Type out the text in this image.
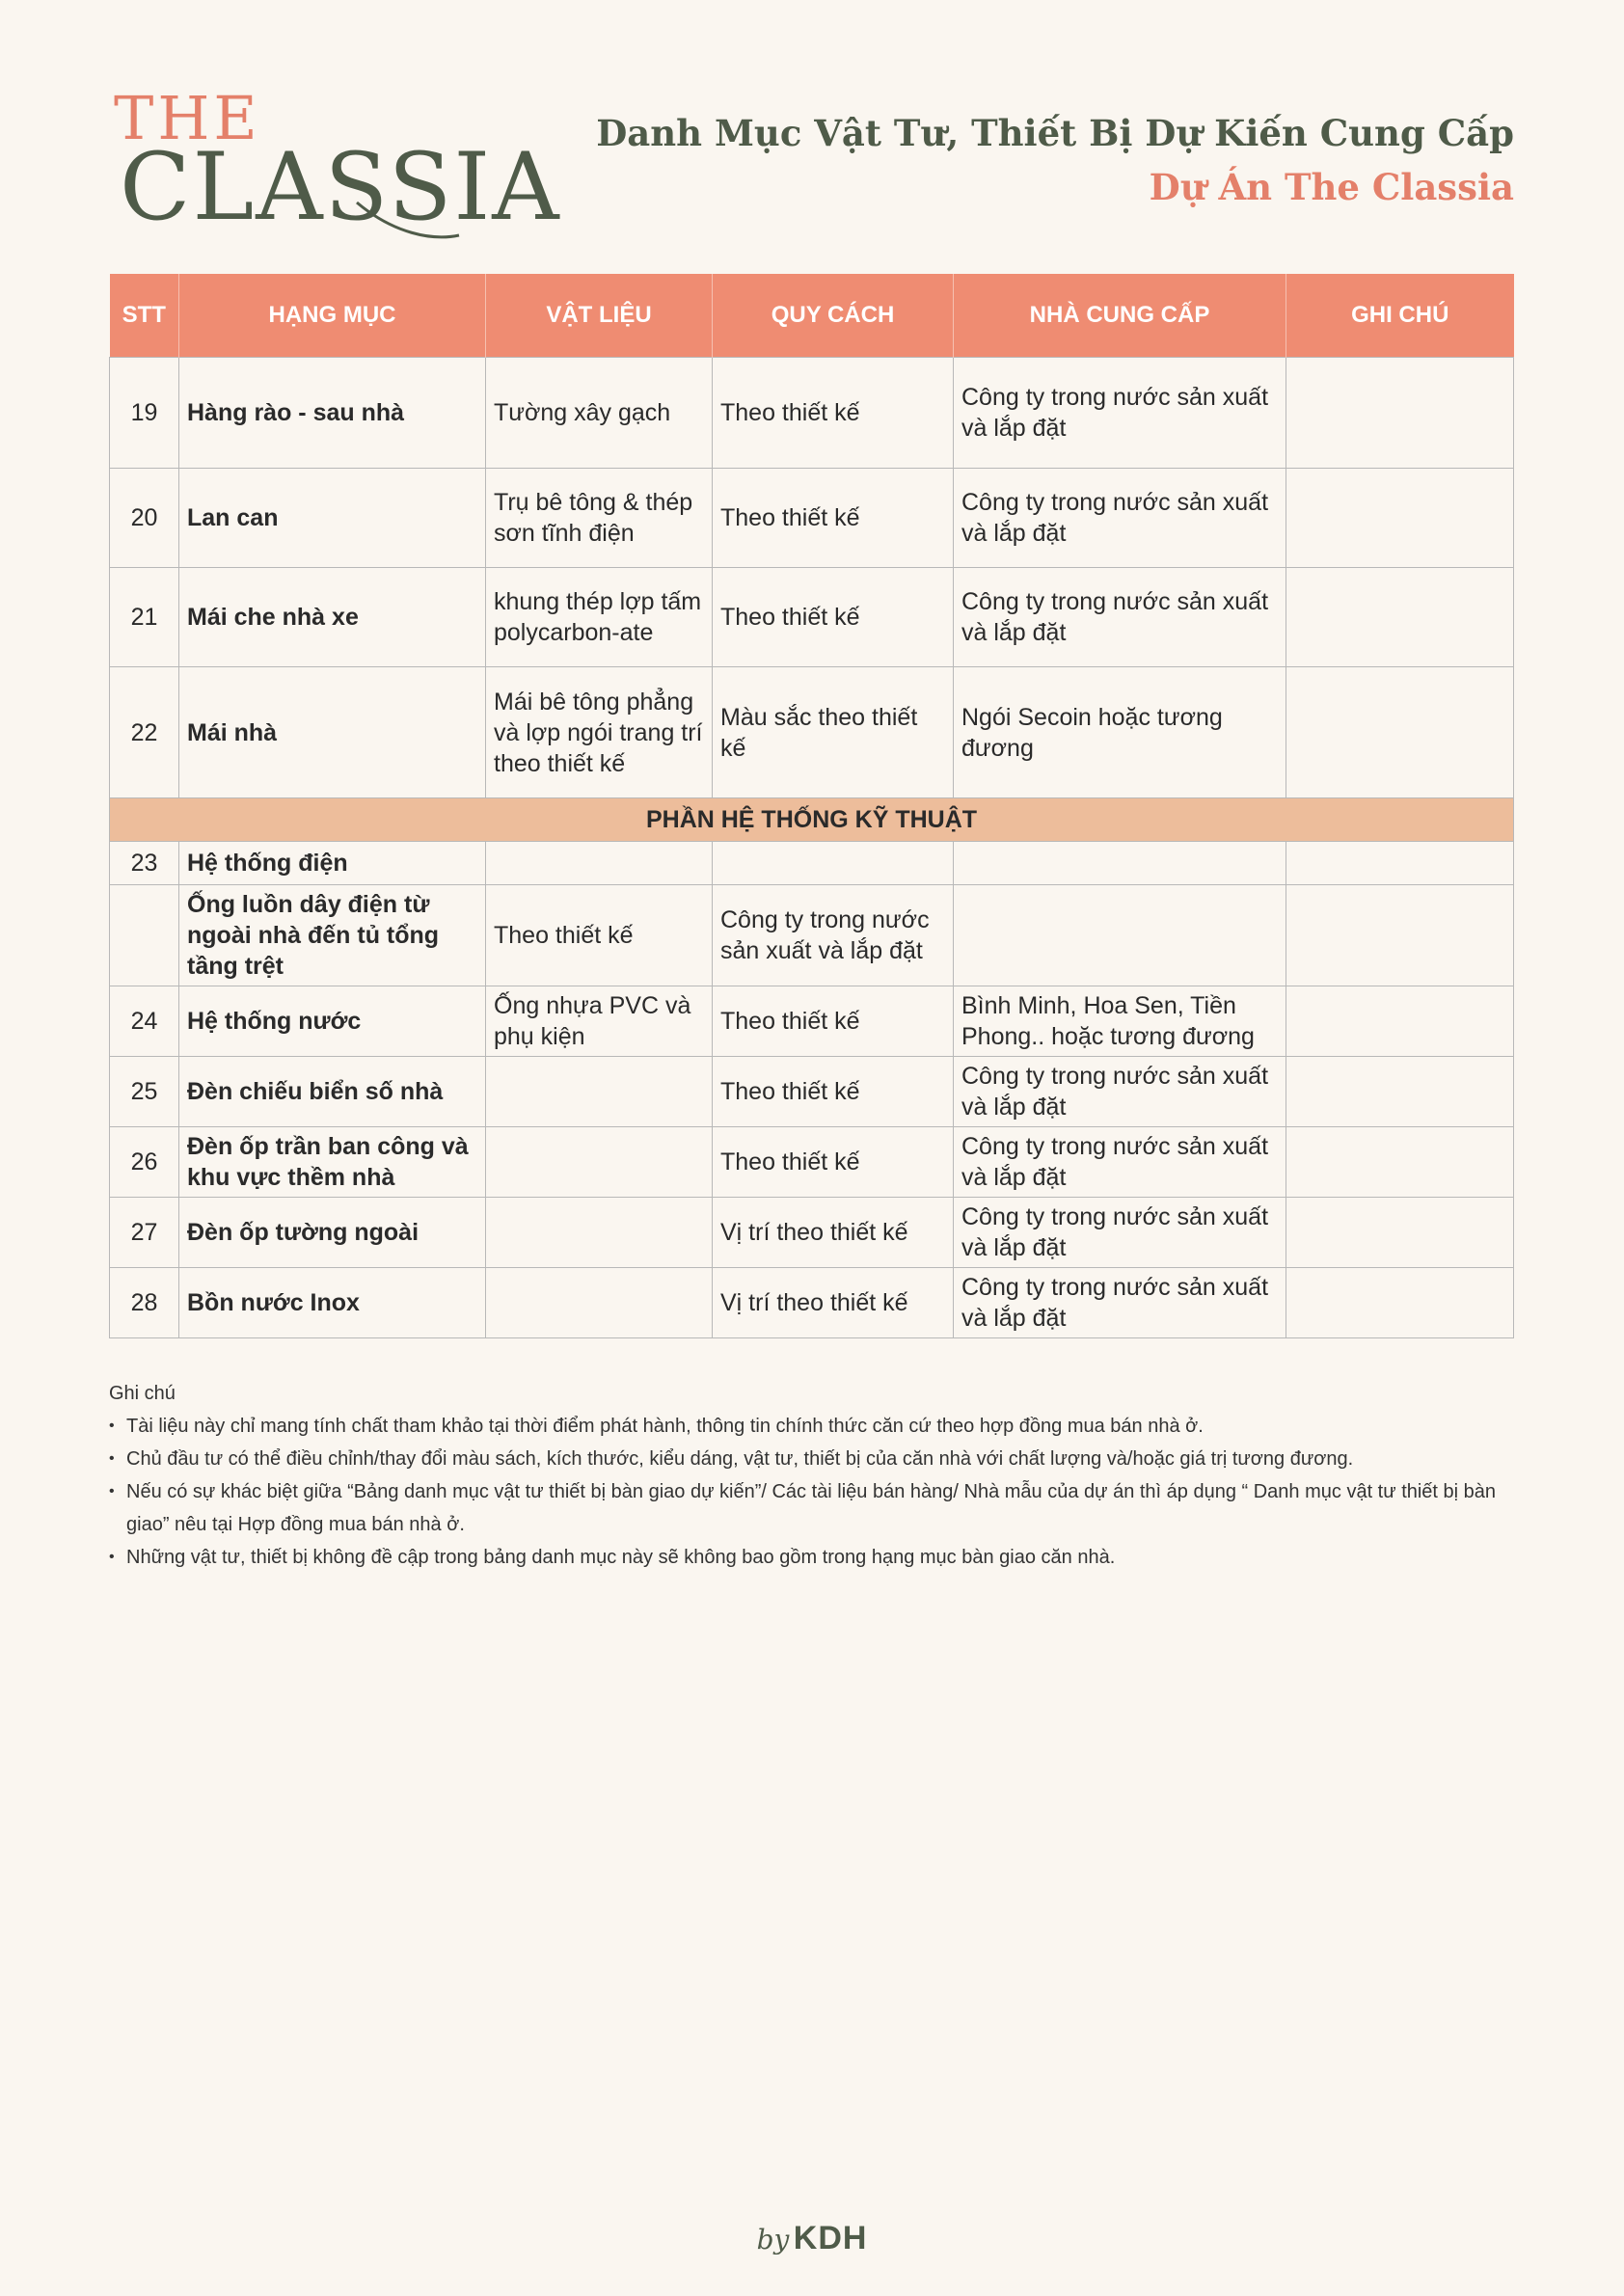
THE
CLASSIA Danh Mục Vật Tư, Thiết Bị Dự Kiến Cung Cấp
Dự Án The Classia
STT	HẠNG MỤC	VẬT LIỆU	QUY CÁCH	NHÀ CUNG CẤP	GHI CHÚ
19	Hàng rào - sau nhà	Tường xây gạch	Theo thiết kế	Công ty trong nước sản xuất và lắp đặt	
20	Lan can	Trụ bê tông & thép sơn tĩnh điện	Theo thiết kế	Công ty trong nước sản xuất và lắp đặt	
21	Mái che nhà xe	khung thép lợp tấm polycarbon-ate	Theo thiết kế	Công ty trong nước sản xuất và lắp đặt	
22	Mái nhà	Mái bê tông phẳng và lợp ngói trang trí theo thiết kế	Màu sắc theo thiết kế	Ngói Secoin hoặc tương đương	
PHẦN HỆ THỐNG KỸ THUẬT					
23	Hệ thống điện				
	Ống luồn dây điện từ ngoài nhà đến tủ tổng tầng trệt	Theo thiết kế	Công ty trong nước sản xuất và lắp đặt		
24	Hệ thống nước	Ống nhựa PVC và phụ kiện	Theo thiết kế	Bình Minh, Hoa Sen, Tiền Phong.. hoặc tương đương	
25	Đèn chiếu biển số nhà		Theo thiết kế	Công ty trong nước sản xuất và lắp đặt	
26	Đèn ốp trần ban công và khu vực thềm nhà		Theo thiết kế	Công ty trong nước sản xuất và lắp đặt	
27	Đèn ốp tường ngoài		Vị trí theo thiết kế	Công ty trong nước sản xuất và lắp đặt	
28	Bồn nước Inox		Vị trí theo thiết kế	Công ty trong nước sản xuất và lắp đặt	
Ghi chú
• Tài liệu này chỉ mang tính chất tham khảo tại thời điểm phát hành, thông tin chính thức căn cứ theo hợp đồng mua bán nhà ở.
• Chủ đầu tư có thể điều chỉnh/thay đổi màu sách, kích thước, kiểu dáng, vật tư, thiết bị của căn nhà với chất lượng và/hoặc giá trị tương đương.
• Nếu có sự khác biệt giữa “Bảng danh mục vật tư thiết bị bàn giao dự kiến”/ Các tài liệu bán hàng/ Nhà mẫu của dự án thì áp dụng “ Danh mục vật tư thiết bị bàn giao” nêu tại Hợp đồng mua bán nhà ở.
• Những vật tư, thiết bị không đề cập trong bảng danh mục này sẽ không bao gồm trong hạng mục bàn giao căn nhà.
by KDH
